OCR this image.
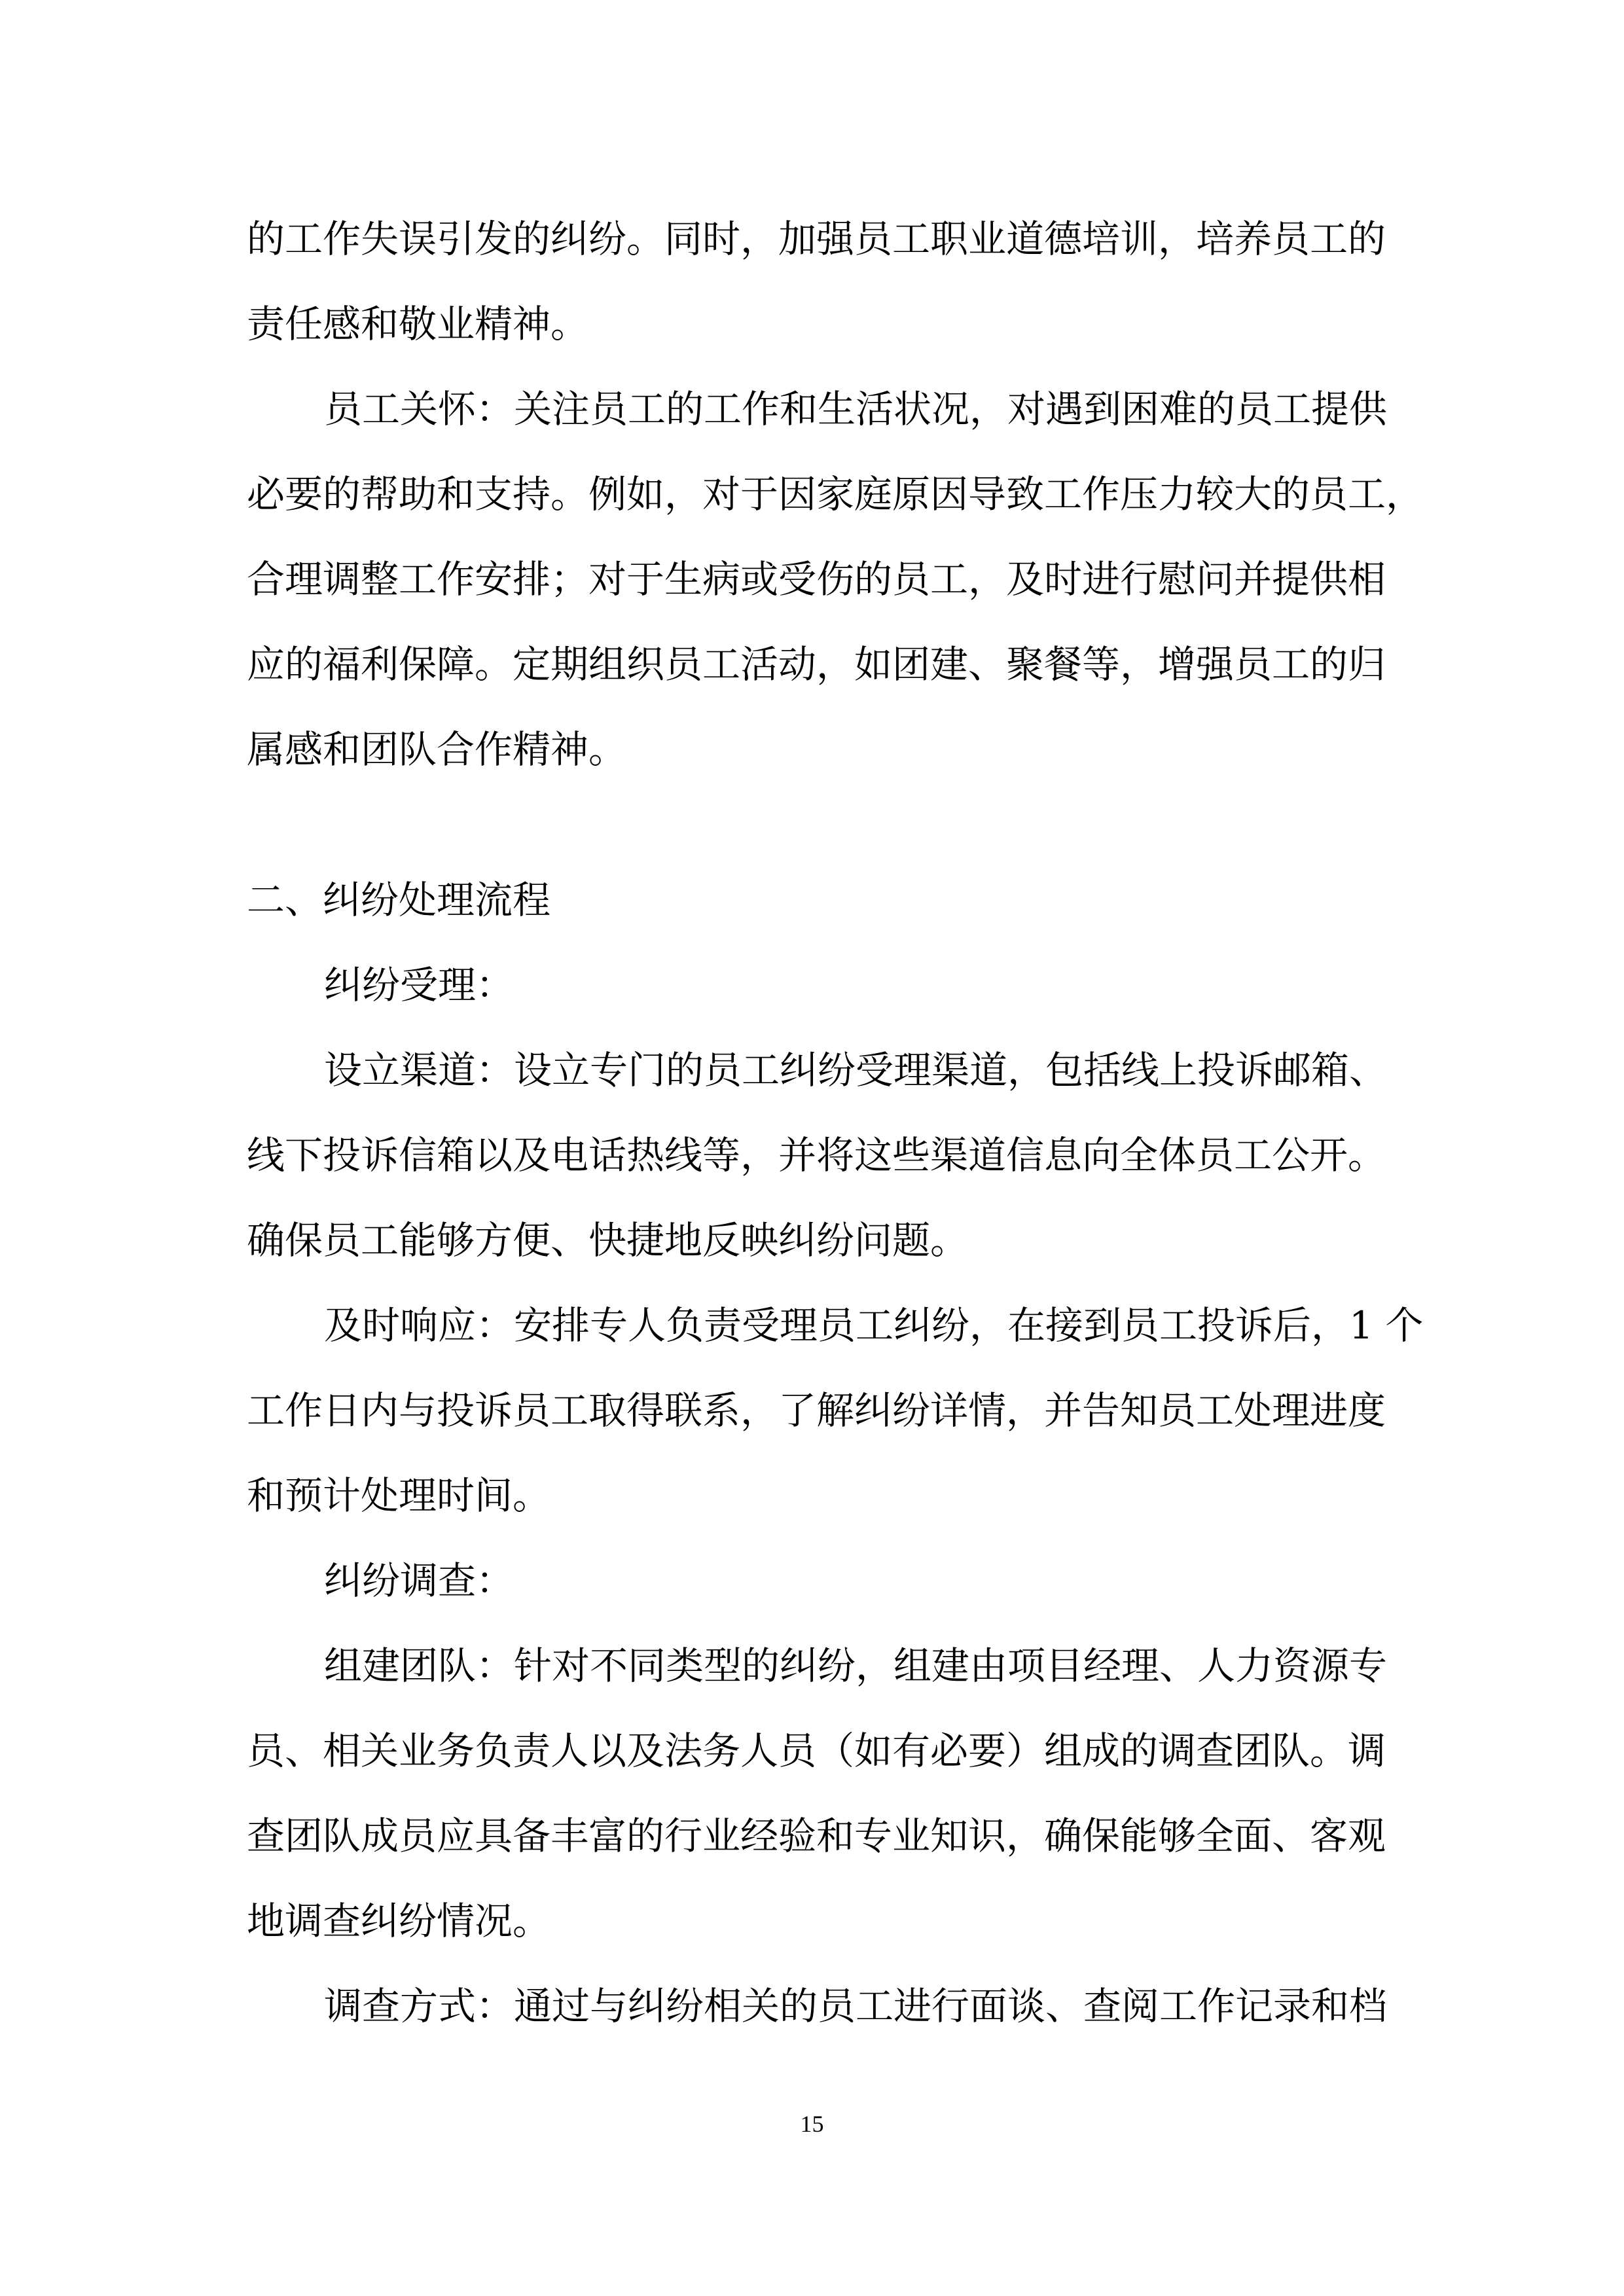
的工作失误引发的纠纷。同时，加强员工职业道德培训，培养员工的
责任感和敬业精神。
员工关怀：关注员工的工作和生活状况，对遇到困难的员工提供
必要的帮助和支持。例如，对于因家庭原因导致工作压力较大的员工，
合理调整工作安排；对于生病或受伤的员工，及时进行慰问并提供相
应的福利保障。定期组织员工活动，如团建、聚餐等，增强员工的归
属感和团队合作精神。
二、纠纷处理流程
纠纷受理：
设立渠道：设立专门的员工纠纷受理渠道，包括线上投诉邮箱、
线下投诉信箱以及电话热线等，并将这些渠道信息向全体员工公开。
确保员工能够方便、快捷地反映纠纷问题。
及时响应：安排专人负责受理员工纠纷，在接到员工投诉后，1 个
工作日内与投诉员工取得联系，了解纠纷详情，并告知员工处理进度
和预计处理时间。
纠纷调查：
组建团队：针对不同类型的纠纷，组建由项目经理、人力资源专
员、相关业务负责人以及法务人员（如有必要）组成的调查团队。调
查团队成员应具备丰富的行业经验和专业知识，确保能够全面、客观
地调查纠纷情况。
调查方式：通过与纠纷相关的员工进行面谈、查阅工作记录和档
15
